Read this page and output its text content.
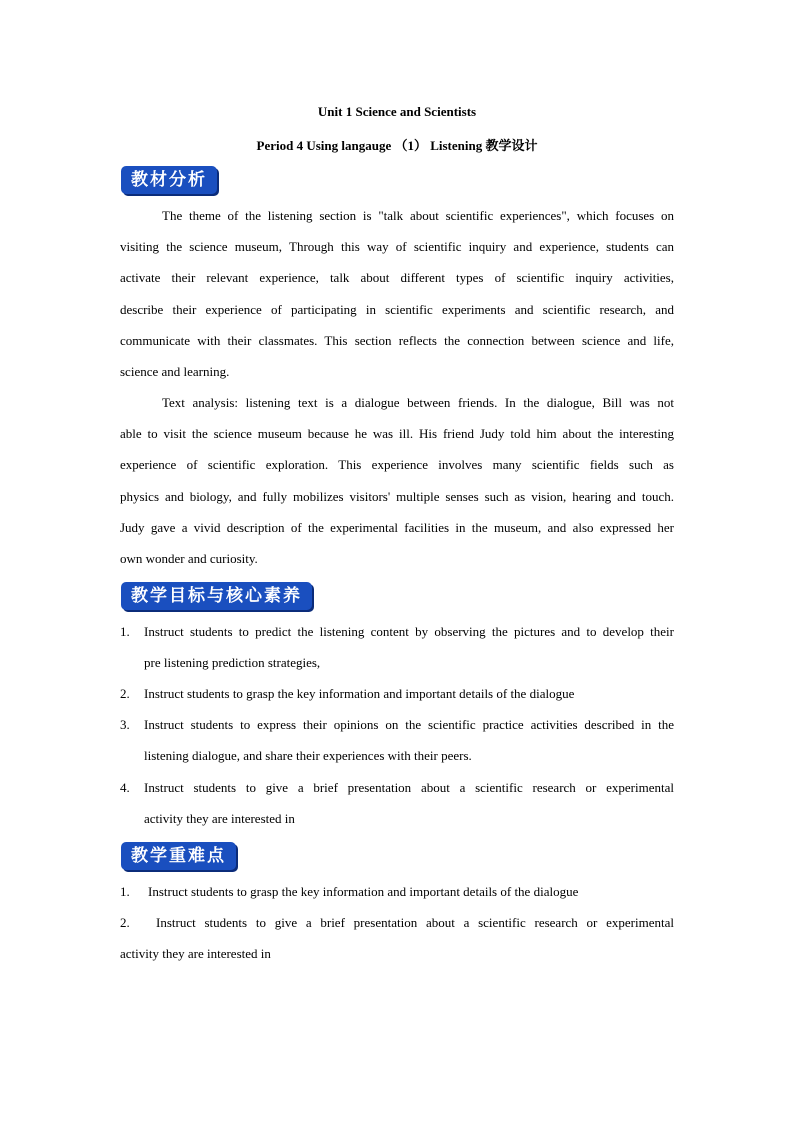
Unit 1 Science and Scientists
Period 4 Using langauge （1） Listening 教学设计
教材分析
The theme of the listening section is "talk about scientific experiences", which focuses on
visiting the science museum, Through this way of scientific inquiry and experience, students can
activate their relevant experience, talk about different types of scientific inquiry activities,
describe their experience of participating in scientific experiments and scientific research, and
communicate with their classmates. This section reflects the connection between science and life,
science and learning.
Text analysis: listening text is a dialogue between friends. In the dialogue, Bill was not
able to visit the science museum because he was ill. His friend Judy told him about the interesting
experience of scientific exploration. This experience involves many scientific fields such as
physics and biology, and fully mobilizes visitors' multiple senses such as vision, hearing and touch.
Judy gave a vivid description of the experimental facilities in the museum, and also expressed her
own wonder and curiosity.
教学目标与核心素养
1. Instruct students to predict the listening content by observing the pictures and to develop their
pre listening prediction strategies,
2. Instruct students to grasp the key information and important details of the dialogue
3. Instruct students to express their opinions on the scientific practice activities described in the
listening dialogue, and share their experiences with their peers.
4. Instruct students to give a brief presentation about a scientific research or experimental
activity they are interested in
教学重难点
1. Instruct students to grasp the key information and important details of the dialogue
2. Instruct students to give a brief presentation about a scientific research or experimental
activity they are interested in
